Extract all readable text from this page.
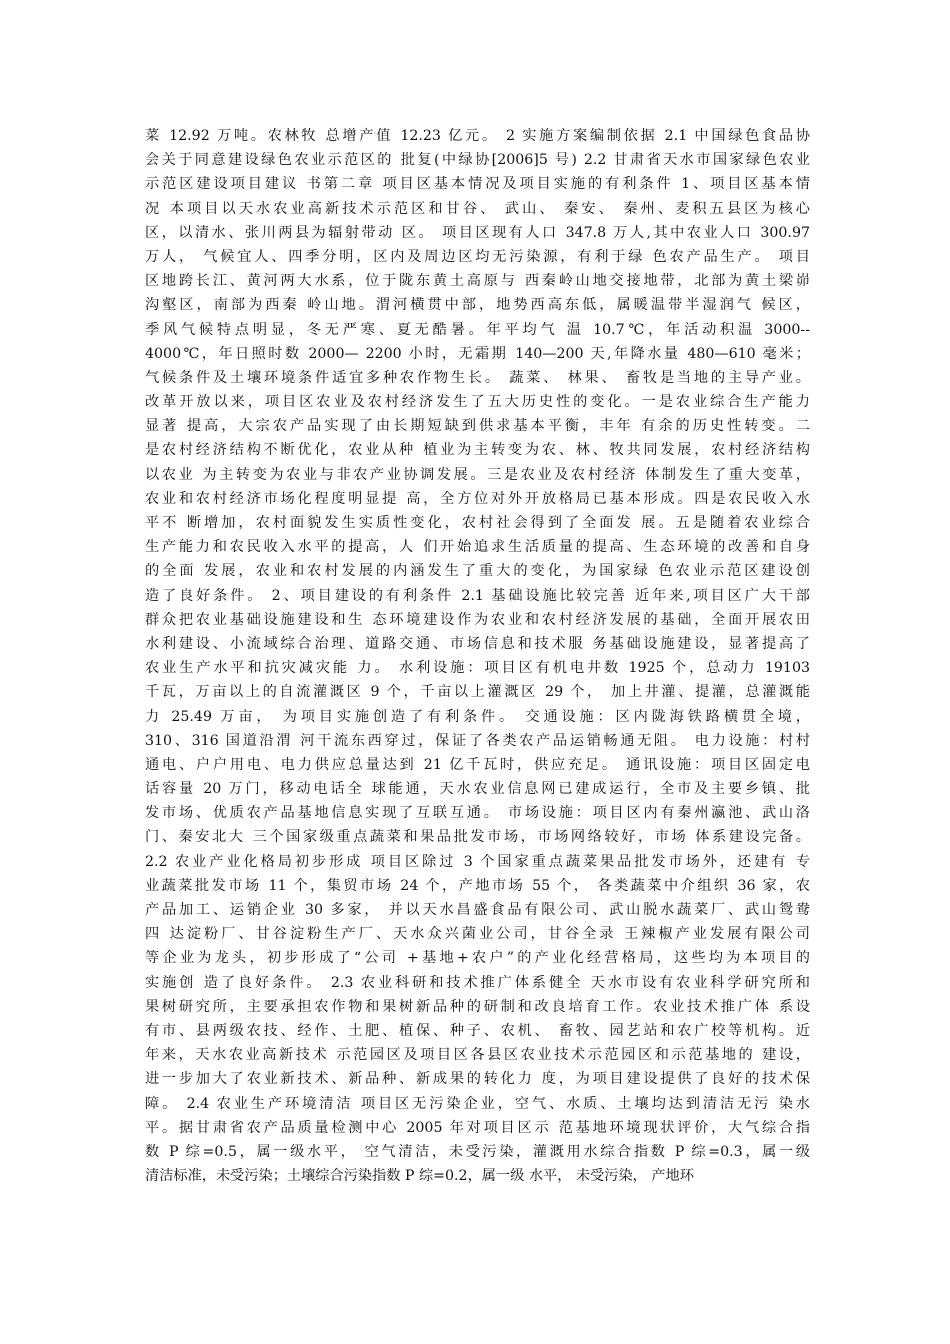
菜 12.92 万吨。农林牧 总增产值 12.23 亿元。 2 实施方案编制依据 2.1 中国绿色食品协
会关于同意建设绿色农业示范区的 批复(中绿协[2006]5 号) 2.2 甘肃省天水市国家绿色农业
示范区建设项目建议 书第二章 项目区基本情况及项目实施的有利条件 1、项目区基本情
况 本项目以天水农业高新技术示范区和甘谷、 武山、 秦安、 秦州、麦积五县区为核心
区，以清水、张川两县为辐射带动 区。 项目区现有人口 347.8 万人,其中农业人口 300.97
万人， 气候宜人、四季分明，区内及周边区均无污染源，有利于绿 色农产品生产。 项目
区地跨长江、黄河两大水系，位于陇东黄土高原与 西秦岭山地交接地带，北部为黄土梁峁
沟壑区，南部为西秦 岭山地。渭河横贯中部，地势西高东低，属暖温带半湿润气 候区，
季风气候特点明显，冬无严寒、夏无酷暑。年平均气 温 10.7℃，年活动积温 3000--
4000℃，年日照时数 2000— 2200 小时，无霜期 140—200 天,年降水量 480—610 毫米；
气候条件及土壤环境条件适宜多种农作物生长。 蔬菜、 林果、 畜牧是当地的主导产业。
改革开放以来，项目区农业及农村经济发生了五大历史性的变化。一是农业综合生产能力
显著 提高，大宗农产品实现了由长期短缺到供求基本平衡，丰年 有余的历史性转变。二
是农村经济结构不断优化，农业从种 植业为主转变为农、林、牧共同发展，农村经济结构
以农业 为主转变为农业与非农产业协调发展。三是农业及农村经济 体制发生了重大变革，
农业和农村经济市场化程度明显提 高，全方位对外开放格局已基本形成。四是农民收入水
平不 断增加，农村面貌发生实质性变化，农村社会得到了全面发 展。五是随着农业综合
生产能力和农民收入水平的提高，人 们开始追求生活质量的提高、生态环境的改善和自身
的全面 发展，农业和农村发展的内涵发生了重大的变化，为国家绿 色农业示范区建设创
造了良好条件。 2、项目建设的有利条件 2.1 基础设施比较完善 近年来,项目区广大干部
群众把农业基础设施建设和生 态环境建设作为农业和农村经济发展的基础，全面开展农田
水利建设、小流域综合治理、道路交通、市场信息和技术服 务基础设施建设，显著提高了
农业生产水平和抗灾减灾能 力。 水利设施：项目区有机电井数 1925 个，总动力 19103
千瓦，万亩以上的自流灌溉区 9 个，千亩以上灌溉区 29 个， 加上井灌、提灌，总灌溉能
力 25.49 万亩， 为项目实施创造了有利条件。 交通设施：区内陇海铁路横贯全境，
310、316 国道沿渭 河干流东西穿过，保证了各类农产品运销畅通无阻。 电力设施：村村
通电、户户用电、电力供应总量达到 21 亿千瓦时，供应充足。 通讯设施：项目区固定电
话容量 20 万门，移动电话全 球能通，天水农业信息网已建成运行，全市及主要乡镇、批
发市场、优质农产品基地信息实现了互联互通。 市场设施：项目区内有秦州瀛池、武山洛
门、秦安北大 三个国家级重点蔬菜和果品批发市场，市场网络较好，市场 体系建设完备。
2.2 农业产业化格局初步形成 项目区除过 3 个国家重点蔬菜果品批发市场外，还建有 专
业蔬菜批发市场 11 个，集贸市场 24 个，产地市场 55 个， 各类蔬菜中介组织 36 家，农
产品加工、运销企业 30 多家， 并以天水昌盛食品有限公司、武山脱水蔬菜厂、武山鸳鸯
四 达淀粉厂、甘谷淀粉生产厂、天水众兴菌业公司，甘谷全录 王辣椒产业发展有限公司
等企业为龙头，初步形成了“公司 +基地+农户”的产业化经营格局，这些均为本项目的
实施创 造了良好条件。 2.3 农业科研和技术推广体系健全 天水市设有农业科学研究所和
果树研究所，主要承担农作物和果树新品种的研制和改良培育工作。农业技术推广体 系设
有市、县两级农技、经作、土肥、植保、种子、农机、 畜牧、园艺站和农广校等机构。近
年来，天水农业高新技术 示范园区及项目区各县区农业技术示范园区和示范基地的 建设，
进一步加大了农业新技术、新品种、新成果的转化力 度，为项目建设提供了良好的技术保
障。 2.4 农业生产环境清洁 项目区无污染企业，空气、水质、土壤均达到清洁无污 染水
平。据甘肃省农产品质量检测中心 2005 年对项目区示 范基地环境现状评价，大气综合指
数 P 综=0.5，属一级水平， 空气清洁，未受污染，灌溉用水综合指数 P 综=0.3，属一级
清洁标准，未受污染；土壤综合污染指数 P 综=0.2，属一级 水平， 未受污染， 产地环
